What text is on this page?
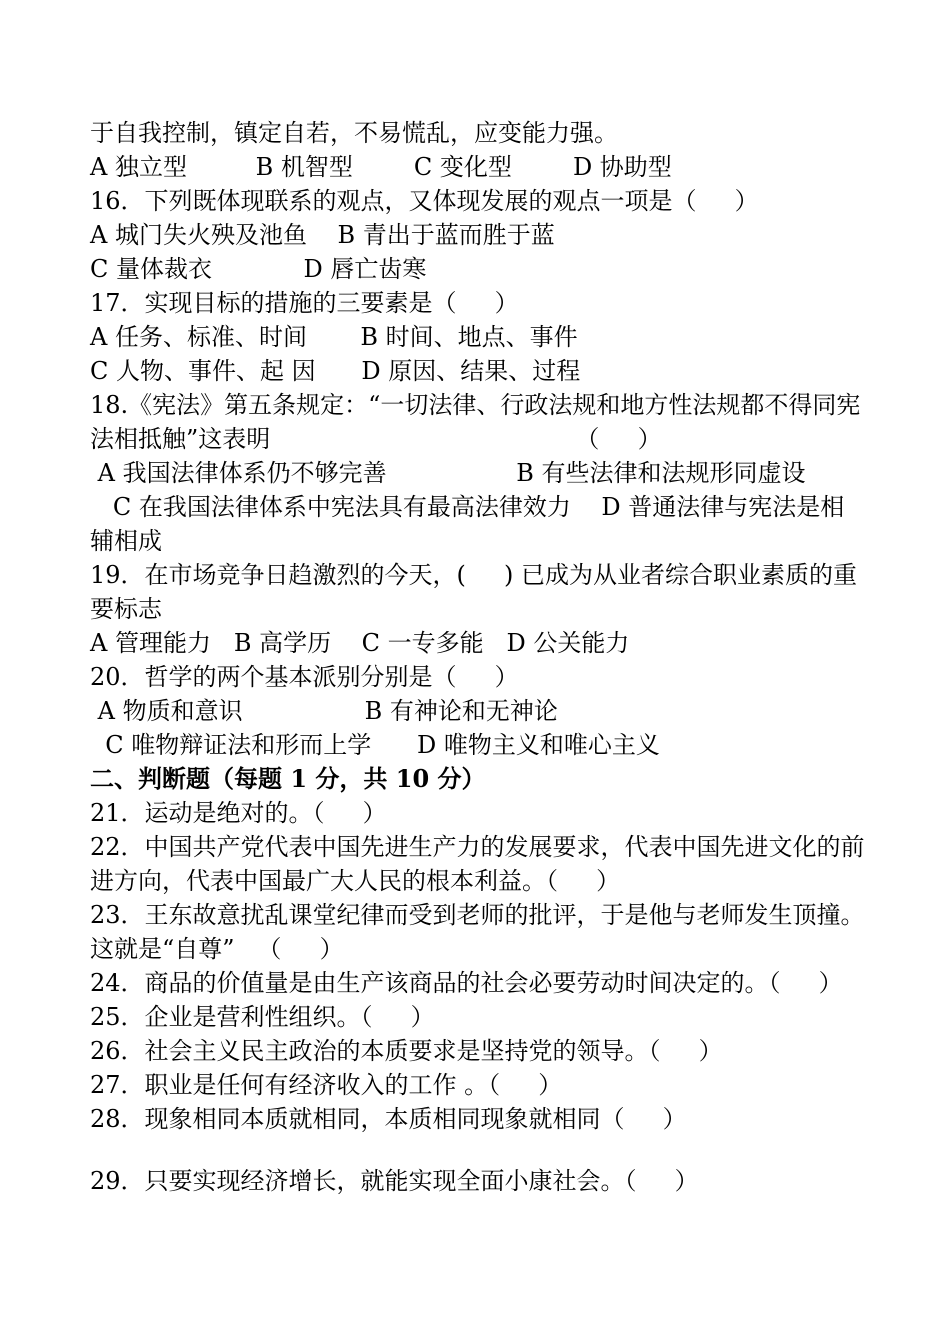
于自我控制，镇定自若，不易慌乱，应变能力强。
A 独立型         B 机智型        C 变化型        D 协助型
16．下列既体现联系的观点，又体现发展的观点一项是（     ）
A 城门失火殃及池鱼    B 青出于蓝而胜于蓝
C 量体裁衣            D 唇亡齿寒
17．实现目标的措施的三要素是（     ）
A 任务、标准、时间       B 时间、地点、事件
C 人物、事件、起 因      D 原因、结果、过程
18.《宪法》第五条规定：“一切法律、行政法规和地方性法规都不得同宪
法相抵触”这表明                                        （     ）
A 我国法律体系仍不够完善                 B 有些法律和法规形同虚设
C 在我国法律体系中宪法具有最高法律效力    D 普通法律与宪法是相
辅相成
19．在市场竞争日趋激烈的今天，(     ) 已成为从业者综合职业素质的重
要标志
A 管理能力   B 高学历    C 一专多能   D 公关能力
20．哲学的两个基本派别分别是（     ）
A 物质和意识                B 有神论和无神论
C 唯物辩证法和形而上学      D 唯物主义和唯心主义
二、判断题（每题 1 分，共 10 分）
21．运动是绝对的。（     ）
22．中国共产党代表中国先进生产力的发展要求，代表中国先进文化的前
进方向，代表中国最广大人民的根本利益。（     ）
23．王东故意扰乱课堂纪律而受到老师的批评，于是他与老师发生顶撞。
这就是“自尊”   （     ）
24．商品的价值量是由生产该商品的社会必要劳动时间决定的。（     ）
25．企业是营利性组织。（     ）
26．社会主义民主政治的本质要求是坚持党的领导。（     ）
27．职业是任何有经济收入的工作 。（     ）
28．现象相同本质就相同，本质相同现象就相同（     ）
29．只要实现经济增长，就能实现全面小康社会。（     ）
